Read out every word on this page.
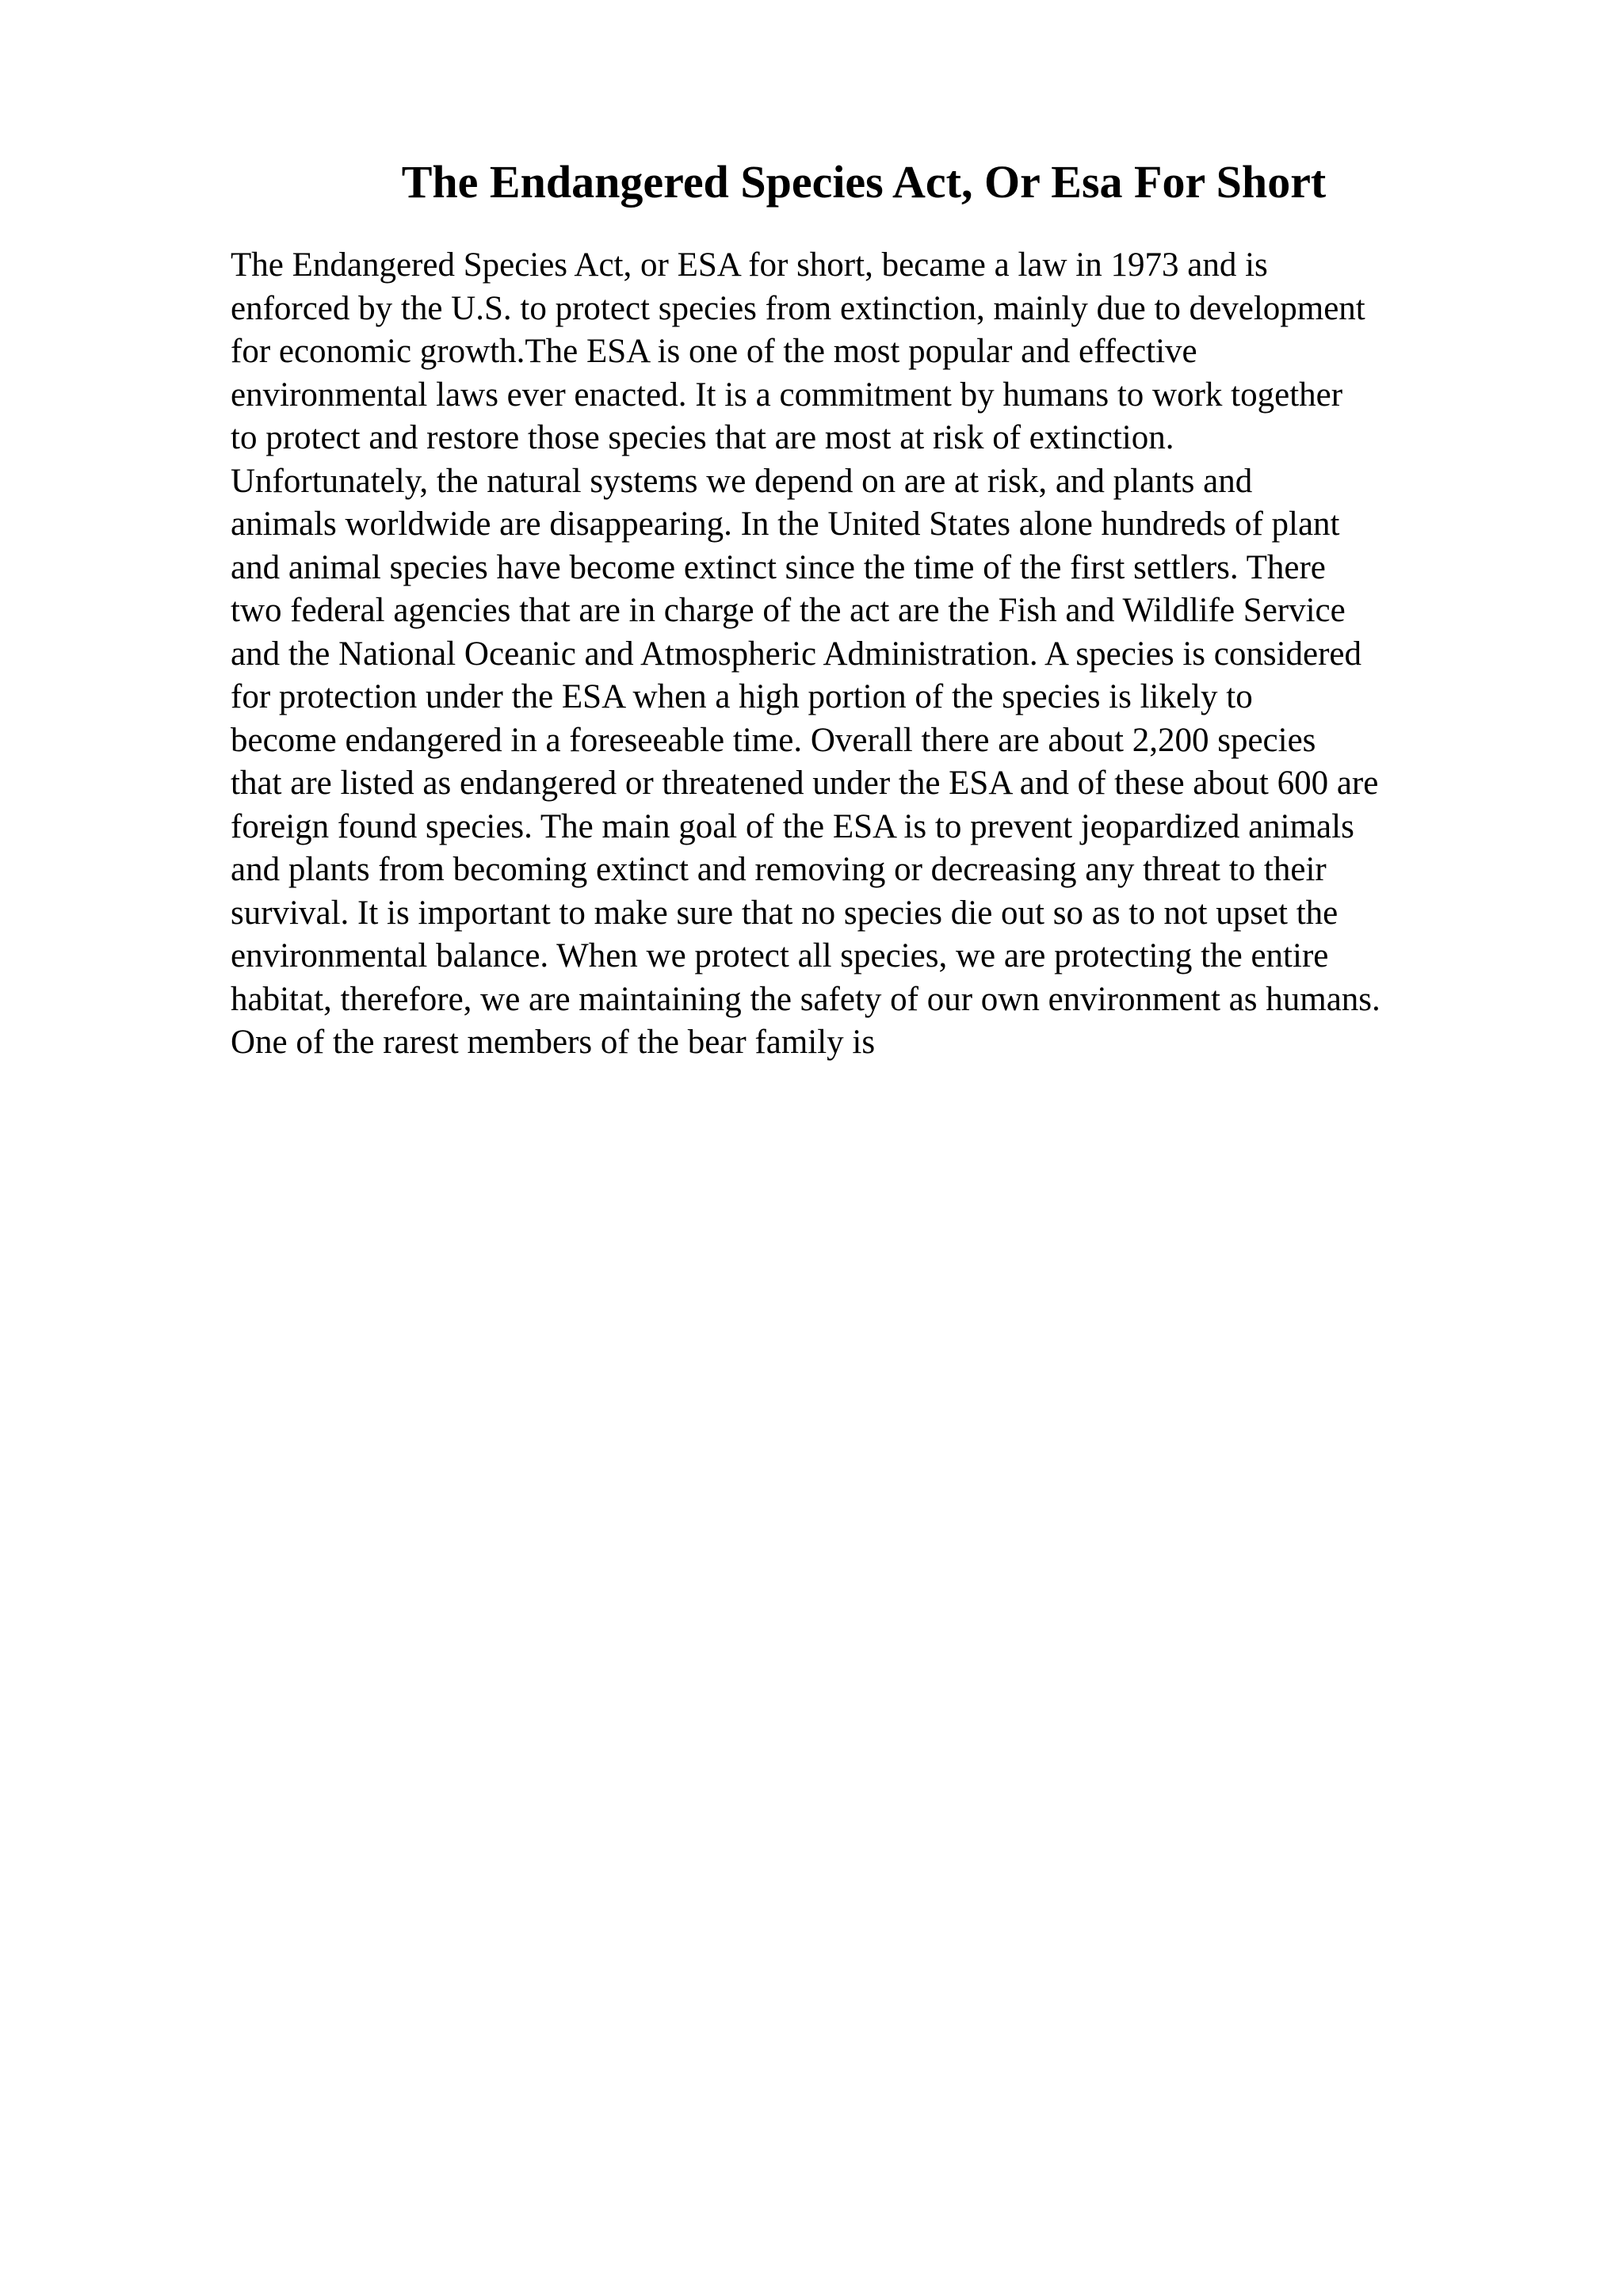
The Endangered Species Act, Or Esa For Short
The Endangered Species Act, or ESA for short, became a law in 1973 and is
enforced by the U.S. to protect species from extinction, mainly due to development
for economic growth.The ESA is one of the most popular and effective
environmental laws ever enacted. It is a commitment by humans to work together
to protect and restore those species that are most at risk of extinction.
Unfortunately, the natural systems we depend on are at risk, and plants and
animals worldwide are disappearing. In the United States alone hundreds of plant
and animal species have become extinct since the time of the first settlers. There
two federal agencies that are in charge of the act are the Fish and Wildlife Service
and the National Oceanic and Atmospheric Administration. A species is considered
for protection under the ESA when a high portion of the species is likely to
become endangered in a foreseeable time. Overall there are about 2,200 species
that are listed as endangered or threatened under the ESA and of these about 600 are
foreign found species. The main goal of the ESA is to prevent jeopardized animals
and plants from becoming extinct and removing or decreasing any threat to their
survival. It is important to make sure that no species die out so as to not upset the
environmental balance. When we protect all species, we are protecting the entire
habitat, therefore, we are maintaining the safety of our own environment as humans.
One of the rarest members of the bear family is
